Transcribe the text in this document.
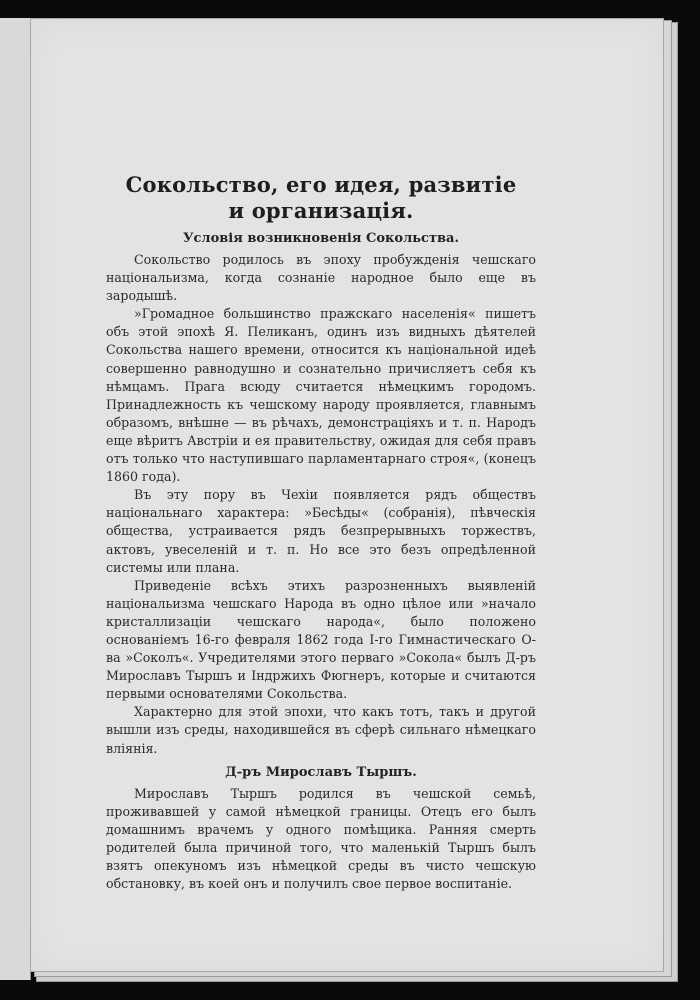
Сокольство, его идея, развитіе
и организація.
Условія возникновенія Сокольства.

Сокольство родилось въ эпоху пробужденія чешскаго національизма, когда сознаніе народное было еще въ зародышѣ.

»Громадное большинство пражскаго населенія« пишетъ объ этой эпохѣ Я. Пеликанъ, одинъ изъ видныхъ дѣятелей Сокольства нашего времени, относится къ національной идеѣ совершенно равнодушно и сознательно причисляетъ себя къ нѣмцамъ. Прага всюду считается нѣмецкимъ городомъ. Принадлежность къ чешскому народу проявляется, главнымъ образомъ, внѣшне — въ рѣчахъ, демонстраціяхъ и т. п. Народъ еще вѣритъ Австріи и ея правительству, ожидая для себя правъ отъ только что наступившаго парламентарнаго строя«, (конецъ 1860 года).

Въ эту пору въ Чехіи появляется рядъ обществъ національнаго характера: »Бесѣды« (собранія), пѣвческія общества, устраивается рядъ безпрерывныхъ торжествъ, актовъ, увеселеній и т. п. Но все это безъ опредѣленной системы или плана.

Приведеніе всѣхъ этихъ разрозненныхъ выявленій національизма чешскаго Народа въ одно цѣлое или »начало кристаллизаціи чешскаго народа«, было положено основаніемъ 16-го февраля 1862 года I-го Гимнастическаго О-ва »Соколъ«. Учредителями этого перваго »Сокола« былъ Д-ръ Мирославъ Тыршъ и Індржихъ Фюгнеръ, которые и считаются первыми основателями Сокольства.

Характерно для этой эпохи, что какъ тотъ, такъ и другой вышли изъ среды, находившейся въ сферѣ сильнаго нѣмецкаго вліянія.

Д-ръ Мирославъ Тыршъ.

Мирославъ Тыршъ родился въ чешской семьѣ, проживавшей у самой нѣмецкой границы. Отецъ его былъ домашнимъ врачемъ у одного помѣщика. Ранняя смерть родителей была причиной того, что маленькій Тыршъ былъ взятъ опекуномъ изъ нѣмецкой среды въ чисто чешскую обстановку, въ коей онъ и получилъ свое первое воспитаніе.
